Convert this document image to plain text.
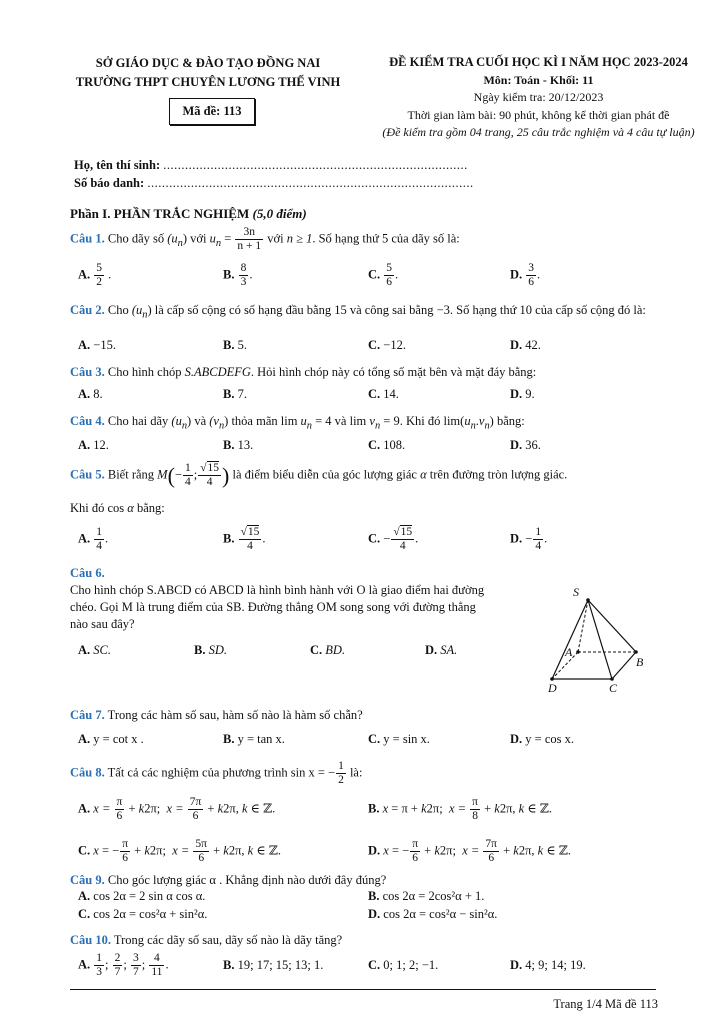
SỞ GIÁO DỤC & ĐÀO TẠO ĐỒNG NAI
TRƯỜNG THPT CHUYÊN LƯƠNG THẾ VINH
Mã đề: 113
ĐỀ KIỂM TRA CUỐI HỌC KÌ I NĂM HỌC 2023-2024
Môn: Toán - Khối: 11
Ngày kiểm tra: 20/12/2023
Thời gian làm bài: 90 phút, không kể thời gian phát đề
(Đề kiểm tra gồm 04 trang, 25 câu trắc nghiệm và 4 câu tự luận)
Họ, tên thí sinh: ....................................................................................
Số báo danh: ..........................................................................................
Phần I. PHẦN TRẮC NGHIỆM (5,0 điểm)
Câu 1. Cho dãy số $(u_n)$ với $u_n = \frac{3n}{n + 1}$ với n ≥ 1. Số hạng thứ 5 của dãy số là:
A. $\frac{5}{2}$ .	B. $\frac{8}{3}$ .	C. $\frac{5}{6}$ .	D. $\frac{3}{6}$ .
Câu 2. Cho $(u_n)$ là cấp số cộng có số hạng đầu bằng 15 và công sai bằng −3. Số hạng thứ 10 của cấp số cộng đó là:
A. −15.	B. 5.	C. −12.	D. 42.
Câu 3. Cho hình chóp S.ABCDEFG. Hỏi hình chóp này có tổng số mặt bên và mặt đáy bằng:
A. 8.	B. 7.	C. 14.	D. 9.
Câu 4. Cho hai dãy $(u_n)$ và $(v_n)$ thỏa mãn $\lim u_n = 4$ và $\lim v_n = 9$. Khi đó $\lim(u_n.v_n)$ bằng:
A. 12.	B. 13.	C. 108.	D. 36.
Câu 5. Biết rằng $M(- \frac{1}{4}$ ; $\frac{√15}{4}$ ) là điểm biểu diễn của góc lượng giác α trên đường tròn lượng giác.
Khi đó cos α bằng:
A. $\frac{1}{4}$ .	B. $\frac{√15}{4}$ .	C. − $\frac{√15}{4}$ .	D. − $\frac{1}{4}$ .
Câu 6.
Cho hình chóp S.ABCD có ABCD là hình bình hành với O là giao điểm hai đường
chéo. Gọi M là trung điểm của SB. Đường thẳng OM song song với đường thẳng
nào sau đây?
A. SC.	B. SD.	C. BD.	D. SA.
S
A
B
D	C
Câu 7. Trong các hàm số sau, hàm số nào là hàm số chẵn?
A. y = cot x .	B. y = tan x.	C. y = sin x.	D. y = cos x.
Câu 8. Tất cả các nghiệm của phương trình sin x = − $\frac{1}{2}$ là:
A. $x = \frac{\pi}{6} + k2\pi$;  $x = \frac{7\pi}{6} + k2\pi$, k ∈ ℤ.	B. x = π + k2π;  $x = \frac{\pi}{8} + k2\pi$, k ∈ ℤ.
C. x = − $\frac{\pi}{6} + k2\pi$;  $x = \frac{5\pi}{6} + k2\pi$, k ∈ ℤ.	D. x = − $\frac{\pi}{6} + k2\pi$;  $x = \frac{7\pi}{6} + k2\pi$, k ∈ ℤ.
Câu 9. Cho góc lượng giác α . Khẳng định nào dưới đây đúng?
A. cos 2α = 2 sin α cos α.	B. cos 2α = 2cos²α + 1.
C. cos 2α = cos²α + sin²α.	D. cos 2α = cos²α − sin²α.
Câu 10. Trong các dãy số sau, dãy số nào là dãy tăng?
A. $\frac{1}{3}$ ; $\frac{2}{7}$ ; $\frac{3}{7}$ ; $\frac{4}{11}$ .	B. 19; 17; 15; 13; 1.	C. 0; 1; 2; −1.	D. 4; 9; 14; 19.
Trang 1/4 Mã đề 113
